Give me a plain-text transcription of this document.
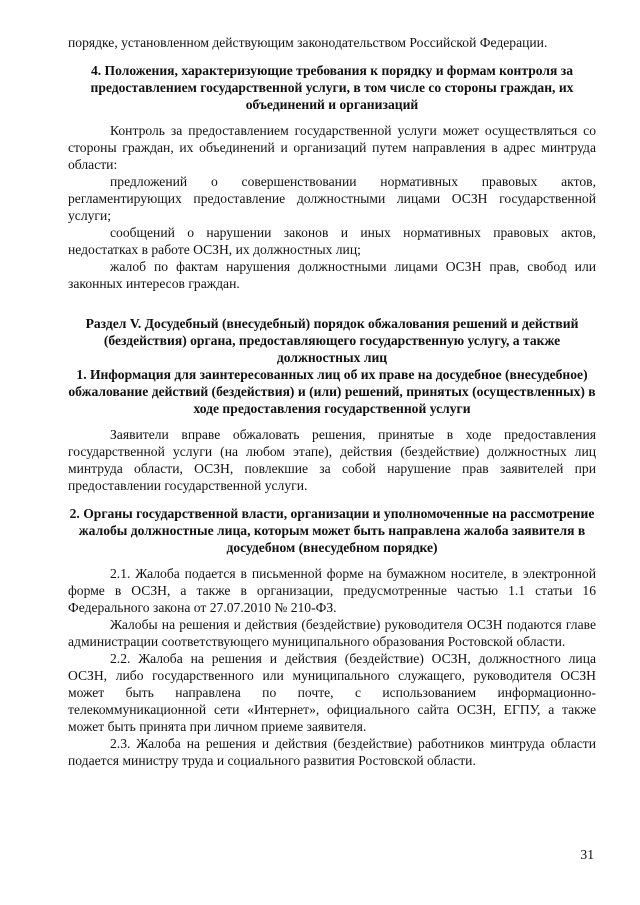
порядке, установленном действующим законодательством Российской Федерации.

4. Положения, характеризующие требования к порядку и формам контроля за предоставлением государственной услуги, в том числе со стороны граждан, их объединений и организаций

Контроль за предоставлением государственной услуги может осуществляться со стороны граждан, их объединений и организаций путем направления в адрес минтруда области:

предложений о совершенствовании нормативных правовых актов, регламентирующих предоставление должностными лицами ОСЗН государственной услуги;

сообщений о нарушении законов и иных нормативных правовых актов, недостатках в работе ОСЗН, их должностных лиц;

жалоб по фактам нарушения должностными лицами ОСЗН прав, свобод или законных интересов граждан.

Раздел V. Досудебный (внесудебный) порядок обжалования решений и действий (бездействия) органа, предоставляющего государственную услугу, а также должностных лиц
1. Информация для заинтересованных лиц об их праве на досудебное (внесудебное) обжалование действий (бездействия) и (или) решений, принятых (осуществленных) в ходе предоставления государственной услуги

Заявители вправе обжаловать решения, принятые в ходе предоставления государственной услуги (на любом этапе), действия (бездействие) должностных лиц минтруда области, ОСЗН, повлекшие за собой нарушение прав заявителей при предоставлении государственной услуги.

2. Органы государственной власти, организации и уполномоченные на рассмотрение жалобы должностные лица, которым может быть направлена жалоба заявителя в досудебном (внесудебном порядке)

2.1. Жалоба подается в письменной форме на бумажном носителе, в электронной форме в ОСЗН, а также в организации, предусмотренные частью 1.1 статьи 16 Федерального закона от 27.07.2010 № 210-ФЗ.

Жалобы на решения и действия (бездействие) руководителя ОСЗН подаются главе администрации соответствующего муниципального образования Ростовской области.

2.2. Жалоба на решения и действия (бездействие) ОСЗН, должностного лица ОСЗН, либо государственного или муниципального служащего, руководителя ОСЗН может быть направлена по почте, с использованием информационно-телекоммуникационной сети «Интернет», официального сайта ОСЗН, ЕГПУ, а также может быть принята при личном приеме заявителя.

2.3. Жалоба на решения и действия (бездействие) работников минтруда области подается министру труда и социального развития Ростовской области.

31
